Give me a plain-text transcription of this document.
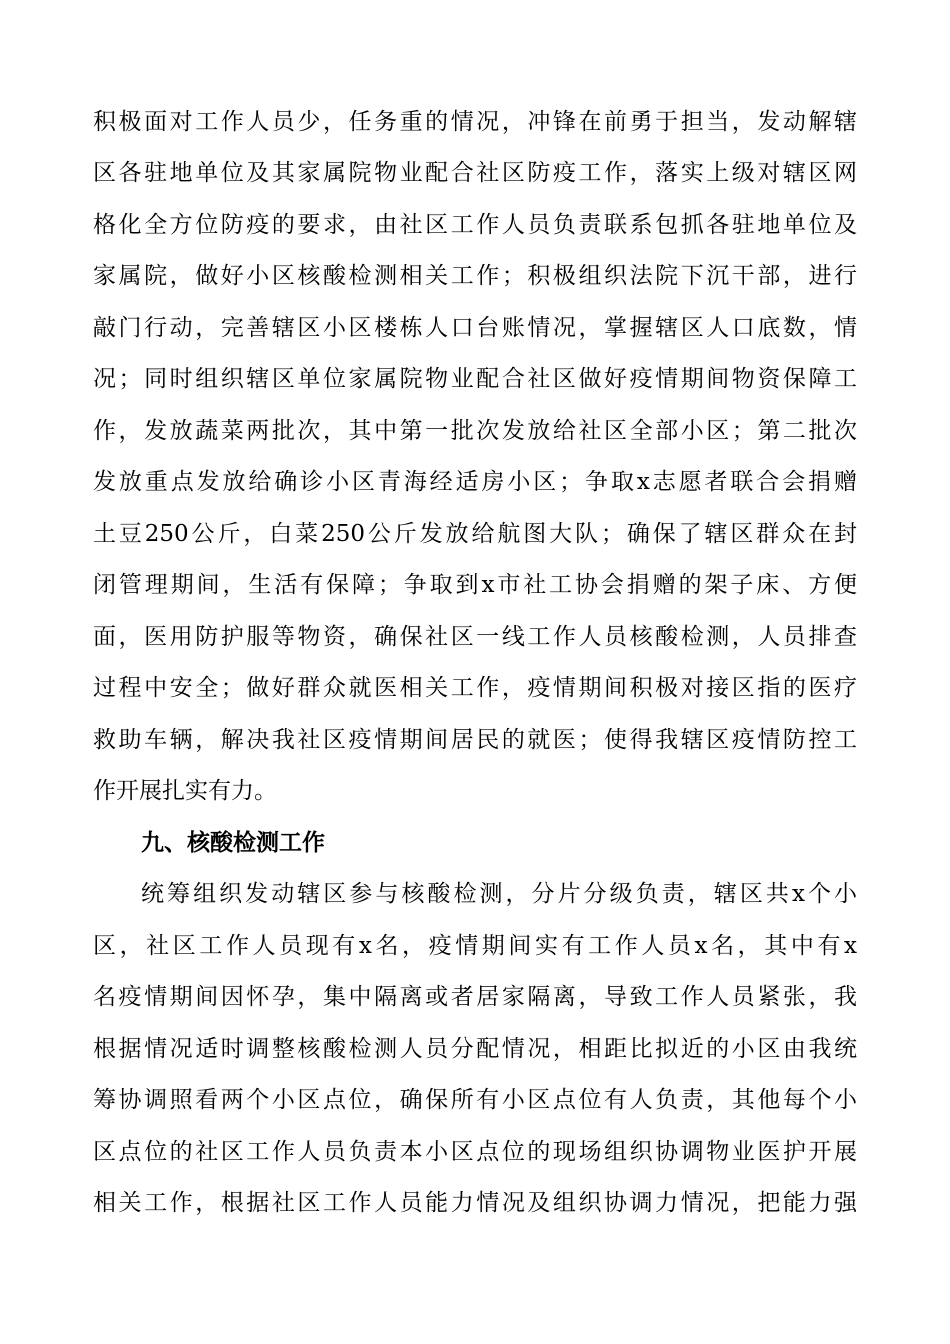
积极面对工作人员少，任务重的情况，冲锋在前勇于担当，发动解辖
区各驻地单位及其家属院物业配合社区防疫工作，落实上级对辖区网
格化全方位防疫的要求，由社区工作人员负责联系包抓各驻地单位及
家属院，做好小区核酸检测相关工作；积极组织法院下沉干部，进行
敲门行动，完善辖区小区楼栋人口台账情况，掌握辖区人口底数，情
况；同时组织辖区单位家属院物业配合社区做好疫情期间物资保障工
作，发放蔬菜两批次，其中第一批次发放给社区全部小区；第二批次
发放重点发放给确诊小区青海经适房小区；争取x志愿者联合会捐赠
土豆250公斤，白菜250公斤发放给航图大队；确保了辖区群众在封
闭管理期间，生活有保障；争取到x市社工协会捐赠的架子床、方便
面，医用防护服等物资，确保社区一线工作人员核酸检测，人员排查
过程中安全；做好群众就医相关工作，疫情期间积极对接区指的医疗
救助车辆，解决我社区疫情期间居民的就医；使得我辖区疫情防控工
作开展扎实有力。
九、核酸检测工作
统筹组织发动辖区参与核酸检测，分片分级负责，辖区共x个小
区，社区工作人员现有x名，疫情期间实有工作人员x名，其中有x
名疫情期间因怀孕，集中隔离或者居家隔离，导致工作人员紧张，我
根据情况适时调整核酸检测人员分配情况，相距比拟近的小区由我统
筹协调照看两个小区点位，确保所有小区点位有人负责，其他每个小
区点位的社区工作人员负责本小区点位的现场组织协调物业医护开展
相关工作，根据社区工作人员能力情况及组织协调力情况，把能力强
